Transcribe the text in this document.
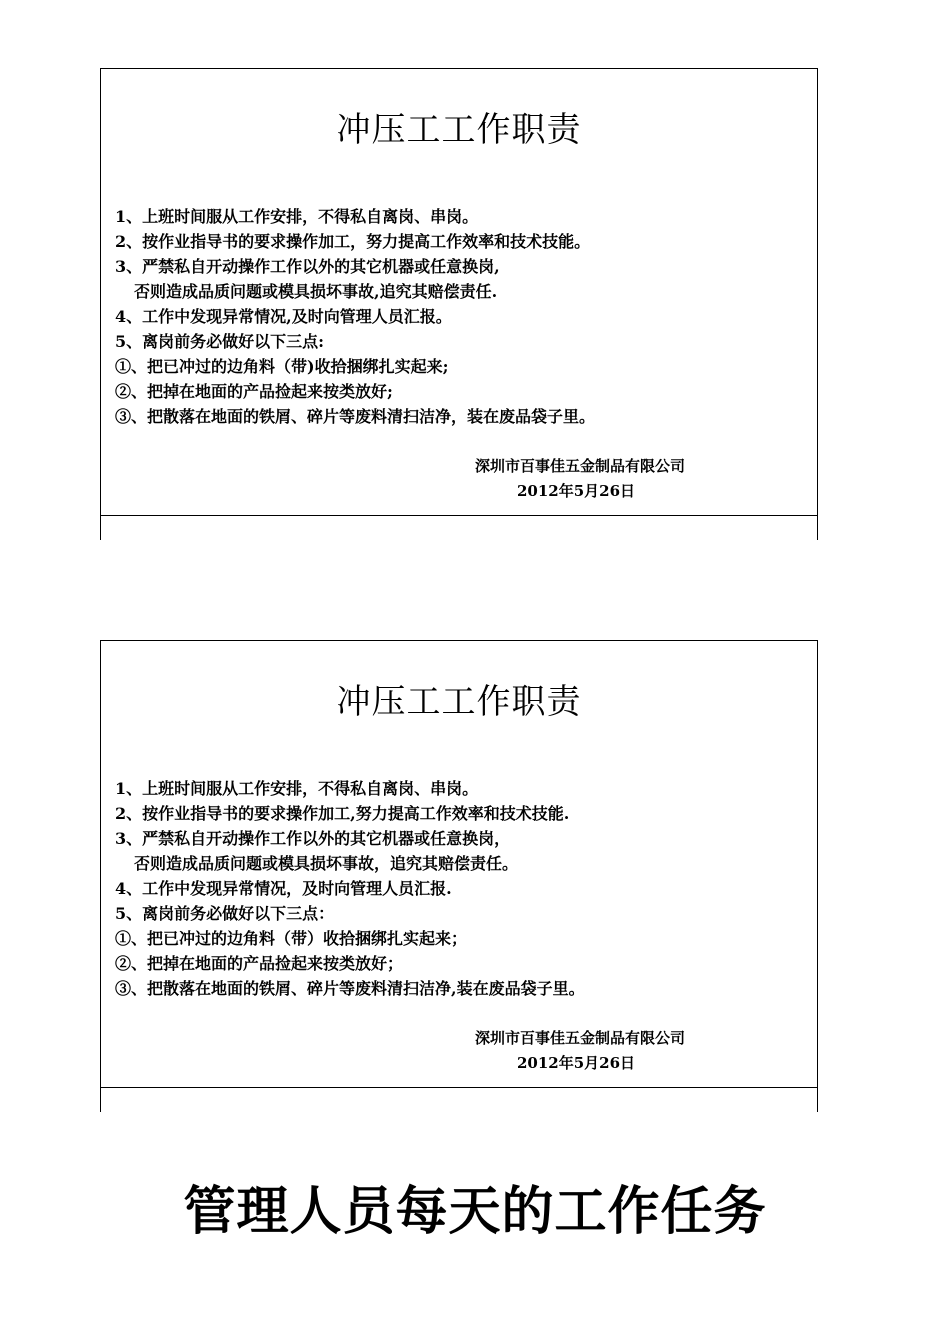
冲压工工作职责
1、上班时间服从工作安排，不得私自离岗、串岗。
2、按作业指导书的要求操作加工，努力提高工作效率和技术技能。
3、严禁私自开动操作工作以外的其它机器或任意换岗,
否则造成品质问题或模具损坏事故,追究其赔偿责任.
4、工作中发现异常情况,及时向管理人员汇报。
5、离岗前务必做好以下三点:
①、把已冲过的边角料（带)收拾捆绑扎实起来;
②、把掉在地面的产品捡起来按类放好;
③、把散落在地面的铁屑、碎片等废料清扫洁净，装在废品袋子里。
深圳市百事佳五金制品有限公司
2012年5月26日
冲压工工作职责
1、上班时间服从工作安排，不得私自离岗、串岗。
2、按作业指导书的要求操作加工,努力提高工作效率和技术技能.
3、严禁私自开动操作工作以外的其它机器或任意换岗，
否则造成品质问题或模具损坏事故，追究其赔偿责任。
4、工作中发现异常情况，及时向管理人员汇报.
5、离岗前务必做好以下三点：
①、把已冲过的边角料（带）收拾捆绑扎实起来；
②、把掉在地面的产品捡起来按类放好；
③、把散落在地面的铁屑、碎片等废料清扫洁净,装在废品袋子里。
深圳市百事佳五金制品有限公司
2012年5月26日
管理人员每天的工作任务
